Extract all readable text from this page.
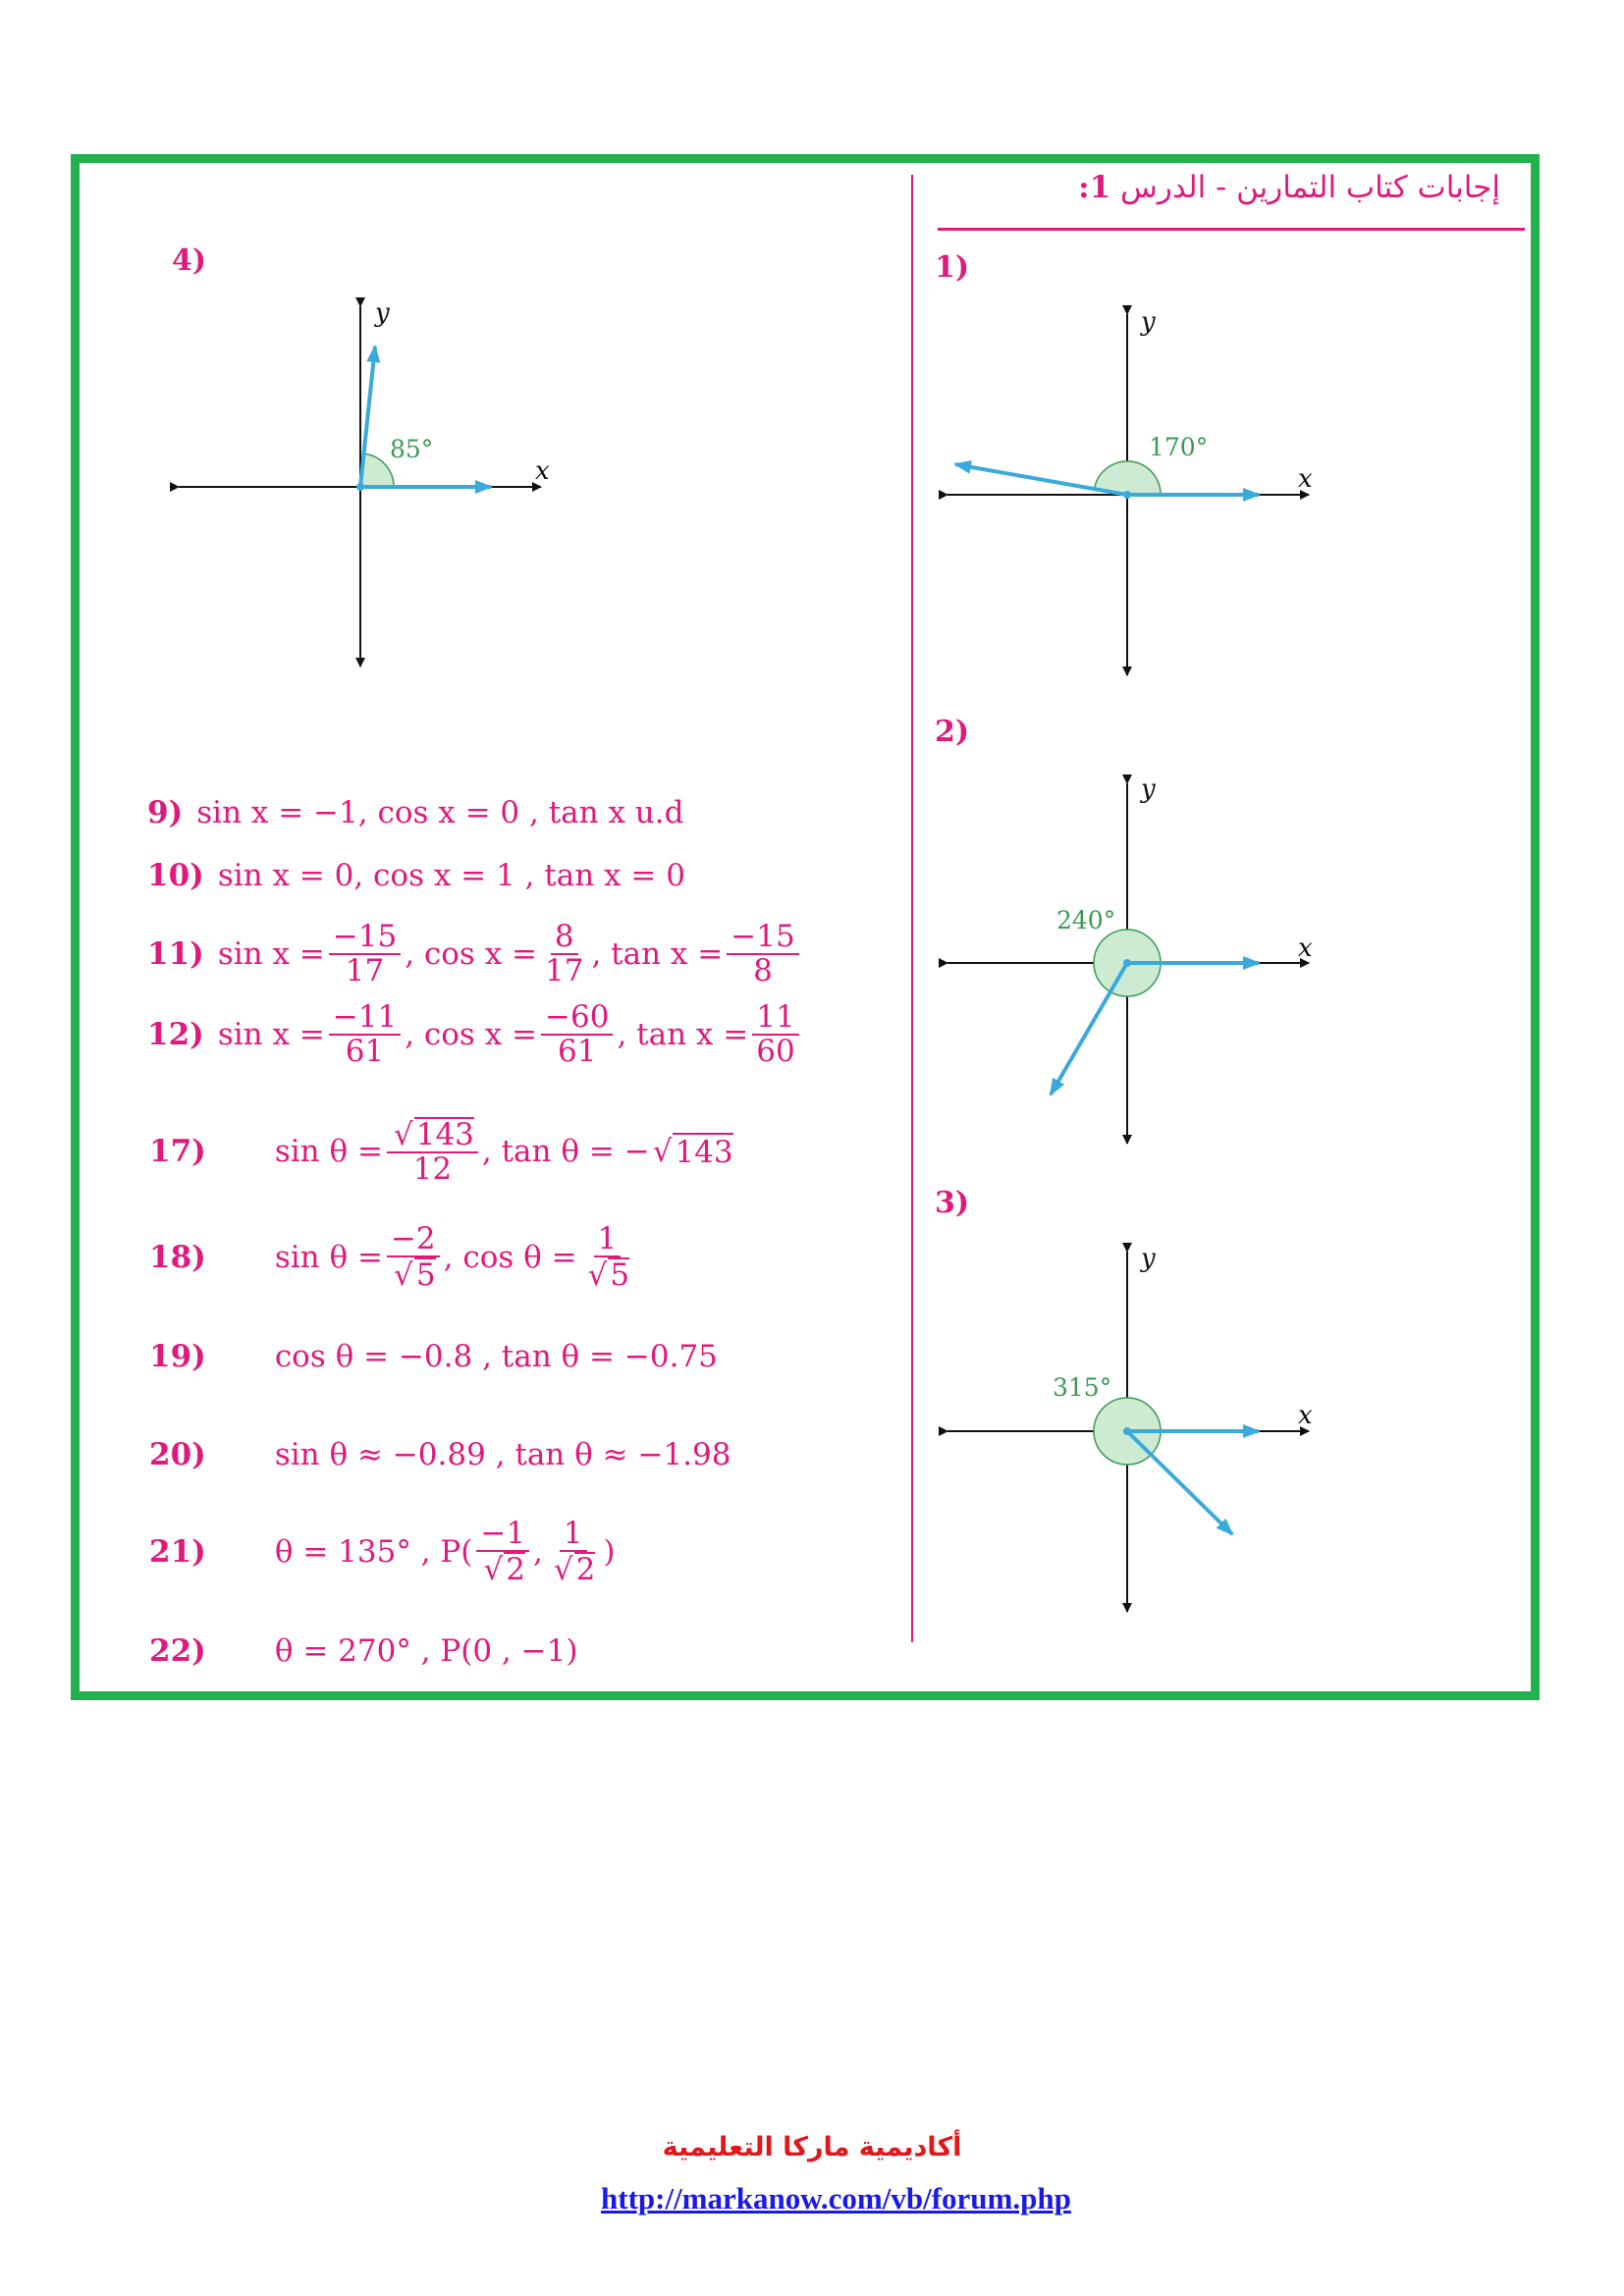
إجابات كتاب التمارين - الدرس 1:
1)
2)
3)
4)
170°
x
y
240°
x
y
315°
x
y
85°
x
y
9) sin x = −1, cos x = 0 , tan x u.d
10) sin x = 0, cos x = 1 , tan x = 0
11) $\sin x = \frac{-15}{17}$ , $\cos x = \frac{8}{17}$ , $\tan x = \frac{-15}{8}$
12) $\sin x = \frac{-11}{61}$ , $\cos x = \frac{-60}{61}$ , $\tan x = \frac{11}{60}$
17) $\sin \theta = \frac{√143}{12}$ , tan θ = − √ 143
18) $\sin \theta = \frac{-2}{√5}$ , $\cos \theta = \frac{1}{√5}$
19) cos θ = −0.8 , tan θ = −0.75
20) sin θ ≈ −0.89 , tan θ ≈ −1.98
21) θ = 135° , $P( \frac{-1}{√2}$ , $\frac{1}{√2}$ )
22) θ = 270° , P(0 , −1)
أكاديمية ماركا التعليمية
http://markanow.com/vb/forum.php
